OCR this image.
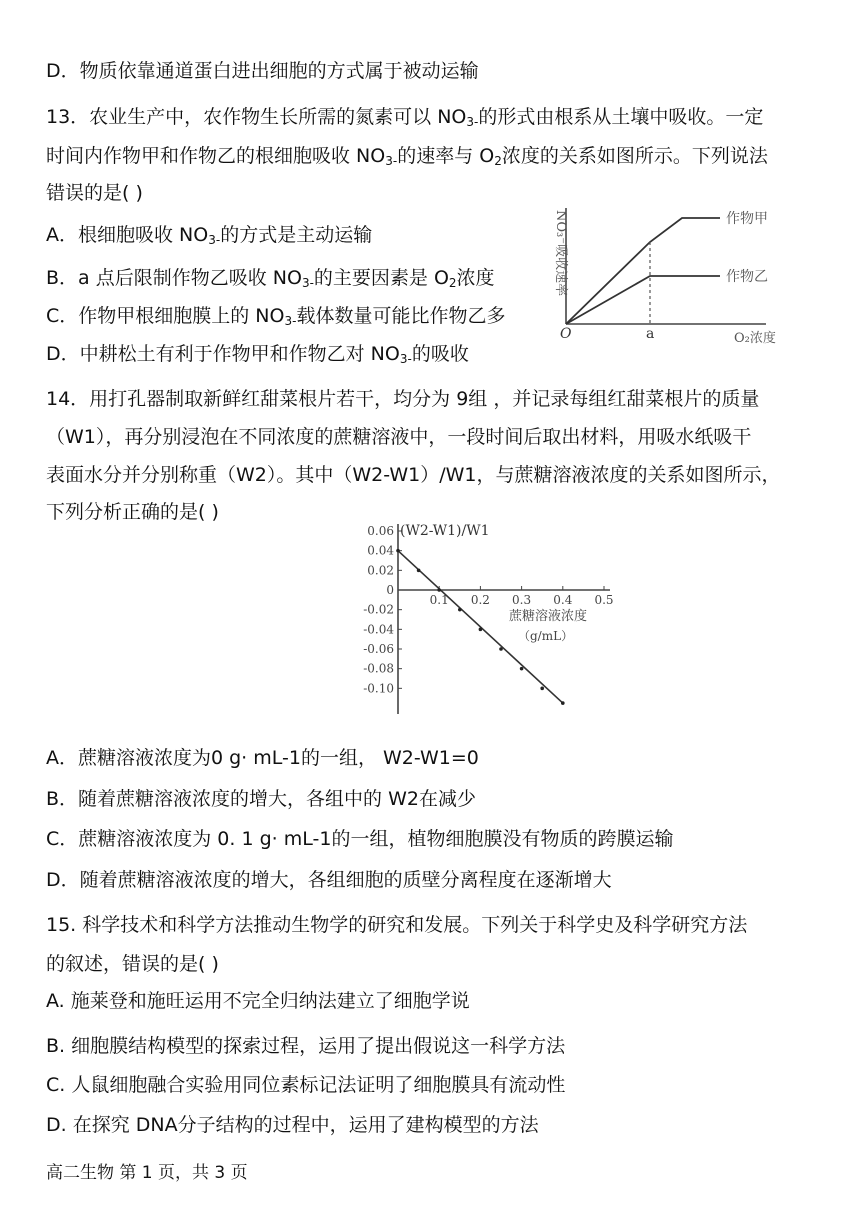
D．物质依靠通道蛋白进出细胞的方式属于被动运输
13．农业生产中，农作物生长所需的氮素可以 $NO_{3-}$的形式由根系从土壤中吸收。一定
时间内作物甲和作物乙的根细胞吸收 $NO_{3-}$的速率与 $O_2$浓度的关系如图所示。下列说法
错误的是( )
A．根细胞吸收 $NO_{3-}$的方式是主动运输
B．a 点后限制作物乙吸收 $NO_{3-}$的主要因素是 $O_2$浓度
C．作物甲根细胞膜上的 $NO_{3-}$载体数量可能比作物乙多
D．中耕松土有利于作物甲和作物乙对 $NO_{3-}$的吸收
NO₃⁻吸收速率
O	O₂浓度
a
作物甲
作物乙
14．用打孔器制取新鲜红甜菜根片若干，均分为 9组 ，并记录每组红甜菜根片的质量
（W1），再分别浸泡在不同浓度的蔗糖溶液中，一段时间后取出材料，用吸水纸吸干
表面水分并分别称重（W2）。其中（W2-W1）/W1，与蔗糖溶液浓度的关系如图所示，
下列分析正确的是( )
0.06
0.04
0.02
0
-0.02
-0.04
-0.06
-0.08
-0.10
0.1 0.2 0.3 0.4 0.5
(W2-W1)/W1
蔗糖溶液浓度
（g/mL）
A．蔗糖溶液浓度为0 g· mL-1的一组， W2-W1=0
B．随着蔗糖溶液浓度的增大，各组中的 W2在减少
C．蔗糖溶液浓度为 0. 1 g· mL-1的一组，植物细胞膜没有物质的跨膜运输
D．随着蔗糖溶液浓度的增大，各组细胞的质壁分离程度在逐渐增大
15. 科学技术和科学方法推动生物学的研究和发展。下列关于科学史及科学研究方法
的叙述，错误的是( )
A. 施莱登和施旺运用不完全归纳法建立了细胞学说
B. 细胞膜结构模型的探索过程，运用了提出假说这一科学方法
C. 人鼠细胞融合实验用同位素标记法证明了细胞膜具有流动性
D. 在探究 DNA分子结构的过程中，运用了建构模型的方法
高二生物 第 1 页，共 3 页
